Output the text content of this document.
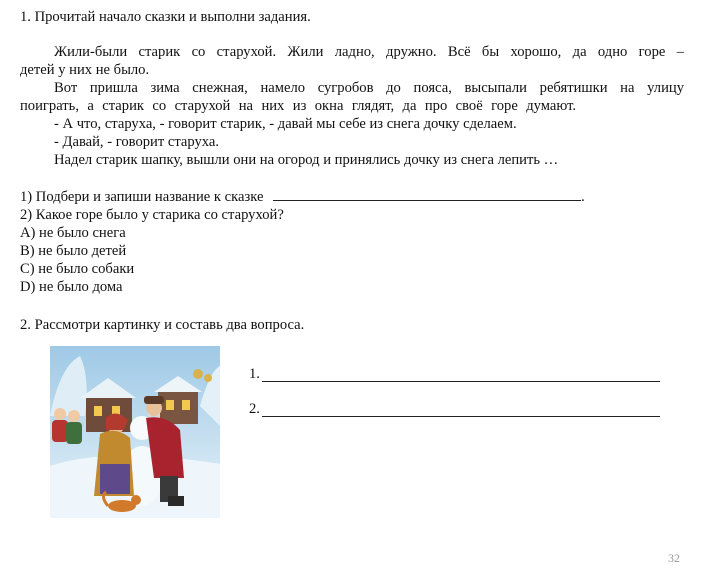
1. Прочитай начало сказки и выполни задания.
Жили-были старик со старухой. Жили ладно, дружно. Всё бы хорошо, да одно горе –
детей у них не было.
Вот пришла зима снежная, намело сугробов до пояса, высыпали ребятишки на улицу
поиграть, а старик со старухой на них из окна глядят, да про своё горе думают.
- А что, старуха, - говорит старик, - давай мы себе из снега дочку сделаем.
- Давай, - говорит старуха.
Надел старик шапку, вышли они на огород и принялись дочку из снега лепить …
1) Подбери и запиши название к сказке	.
2) Какое горе было у старика со старухой?
A) не было снега
B) не было детей
C) не было собаки
D) не было дома
2. Рассмотри картинку и составь два вопроса.
1.
2.
32
